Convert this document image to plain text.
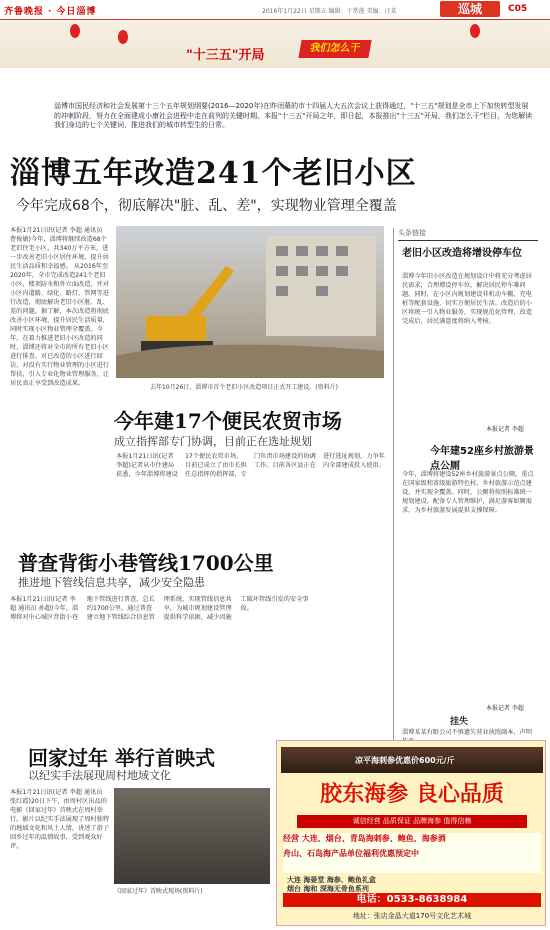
齐鲁晚报 · 今日淄博	2016年1月22日 星期五 编辑：于常莲 美编：汪某	巡城	C05
"十三五"开局	我们怎么干
淄博市国民经济和社会发展第十三个五年规划纲要(2016—2020年)在昨闭幕的市十四届人大五次会议上获得通过，"十三五"规划是全市上下加快转型发展的冲刺阶段，努力在全面建成小康社会进程中走在前列的关键时期。本报"十三五"开局之年，即日起，本报推出"十三五"开局，我们怎么干"栏目，为您解读我们身边的七个关键词，推进我们的城市转型生的日常。
淄博五年改造241个老旧小区
今年完成68个，彻底解决"脏、乱、差"，实现物业管理全覆盖
本报1月21日讯(记者 李超 通讯员 曹俊敏)今年，淄博将继续改造68个老旧住宅小区，共340万平方米，进一步改善老旧小区居住环境，提升居民生活品质和幸福感。 从2016年至2020年，全市完成改造241个老旧小区，楼顶防水和外立面改造，并对小区内道路、绿化、路灯、管网等进行改造，彻底解决老旧小区脏、乱、差的问题。据了解，本次改造将彻底改善小区环境，提升居民生活质量，同时实现小区物业管理全覆盖。今年，在着力推进老旧小区改造的同时，淄博还将对全市的所有老旧小区进行排查、对已改造的小区进行回访、对没有实行物业管理的小区进行帮扶，引入专业化物业管理服务，让居民真正享受到改造成果。
去年10月26日，淄博市首个老旧小区改造项目正式开工建设。(资料片)
头条链接
老旧小区改造将增设停车位
淄博今年旧小区改造在规划设计中将充分考虑居民需求，合理增设停车位，解决居民停车难问题。同时，在小区内规划建设非机动车棚、充电桩等配套设施，切实方便居民生活。改造后的小区将统一引入物业服务，实现规范化管理，改造完成后，居民满意度将纳入考核。
本报记者 李超
今年建52座乡村旅游景点公厕
今年，淄博将建设52座乡村旅游景点公厕，重点在国家级和省级旅游特色村、乡村旅游示范点建设，并实现全覆盖。同时，公厕将按照标准统一规划建设，配备专人管理维护，满足游客如厕需求，为乡村旅游发展提供支撑保障。
本报记者 李超
挂失
淄博某某有限公司不慎遗失营业执照副本，声明
今年建17个便民农贸市场
成立指挥部专门协调，目前正在选址规划
本报1月21日讯(记者 李超)记者从市住建局获悉，今年淄博将建设17个便民农贸市场，目前已成立了由市长担任总指挥的指挥部，专门负责市场建设的协调工作。目前各区县正在进行选址规划，力争年内全部建成投入使用。
普查背街小巷管线1700公里
推进地下管线信息共享，减少安全隐患
本报1月21日讯(记者 李超 通讯员 孙超)今年，淄博将对中心城区背街小巷地下管线进行普查，总长约1700公里。通过普查建立地下管线综合信息管理系统，实现管线信息共享，为城市规划建设管理提供科学依据，减少因施工破坏管线引发的安全事故。
回家过年 举行首映式
以纪实手法展现周村地域文化
本报1月21日讯(记者 李超 通讯员 张红霞)20日下午，由周村区出品的电影《回家过年》首映式在周村举行。影片以纪实手法展现了周村独特的地域文化和风土人情，讲述了游子回乡过年的温情故事，受到观众好评。
《回家过年》首映式现场(资料片)
凉平海刺参优惠价600元/斤
胶东海参 良心品质
诚信经营 品质保证 品牌海参 值得信赖
经营 大连、烟台、青岛海刺参、鲍鱼、海参酒
舟山、石岛海产品单位福利优惠预定中
大连 海晏堂 海参、鲍鱼礼盒
烟台 海和 深海无骨鱼系列
电话：0533-8638984
地址：张店金晶大道170号文化艺术城
